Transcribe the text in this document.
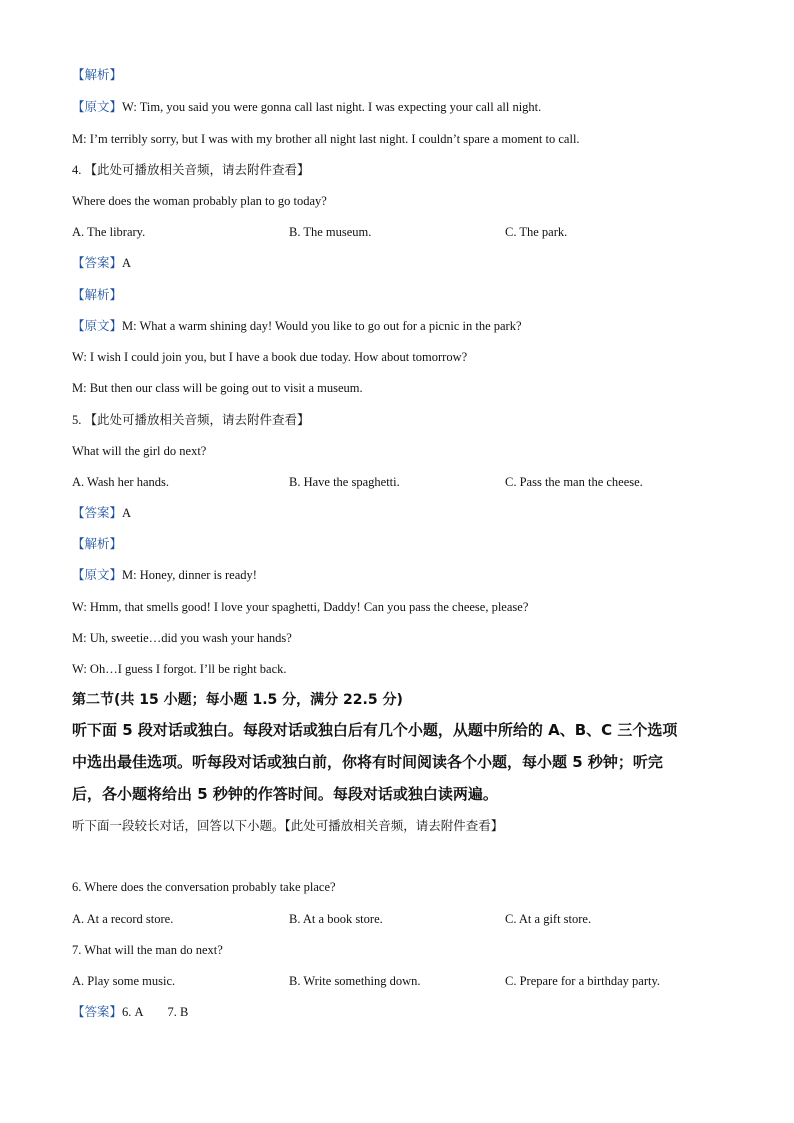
【解析】
【原文】W: Tim, you said you were gonna call last night. I was expecting your call all night.
M: I’m terribly sorry, but I was with my brother all night last night. I couldn’t spare a moment to call.
4. 【此处可播放相关音频，请去附件查看】
Where does the woman probably plan to go today?
A. The library.	B. The museum.	C. The park.
【答案】A
【解析】
【原文】M: What a warm shining day! Would you like to go out for a picnic in the park?
W: I wish I could join you, but I have a book due today. How about tomorrow?
M: But then our class will be going out to visit a museum.
5. 【此处可播放相关音频，请去附件查看】
What will the girl do next?
A. Wash her hands.	B. Have the spaghetti.	C. Pass the man the cheese.
【答案】A
【解析】
【原文】M: Honey, dinner is ready!
W: Hmm, that smells good! I love your spaghetti, Daddy! Can you pass the cheese, please?
M: Uh, sweetie…did you wash your hands?
W: Oh…I guess I forgot. I’ll be right back.
第二节(共 15 小题；每小题 1.5 分，满分 22.5 分)
听下面 5 段对话或独白。每段对话或独白后有几个小题，从题中所给的 A、B、C 三个选项
中选出最佳选项。听每段对话或独白前，你将有时间阅读各个小题，每小题 5 秒钟；听完
后，各小题将给出 5 秒钟的作答时间。每段对话或独白读两遍。
听下面一段较长对话，回答以下小题。【此处可播放相关音频，请去附件查看】
6. Where does the conversation probably take place?
A. At a record store.	B. At a book store.	C. At a gift store.
7. What will the man do next?
A. Play some music.	B. Write something down.	C. Prepare for a birthday party.
【答案】6. A 7. B
